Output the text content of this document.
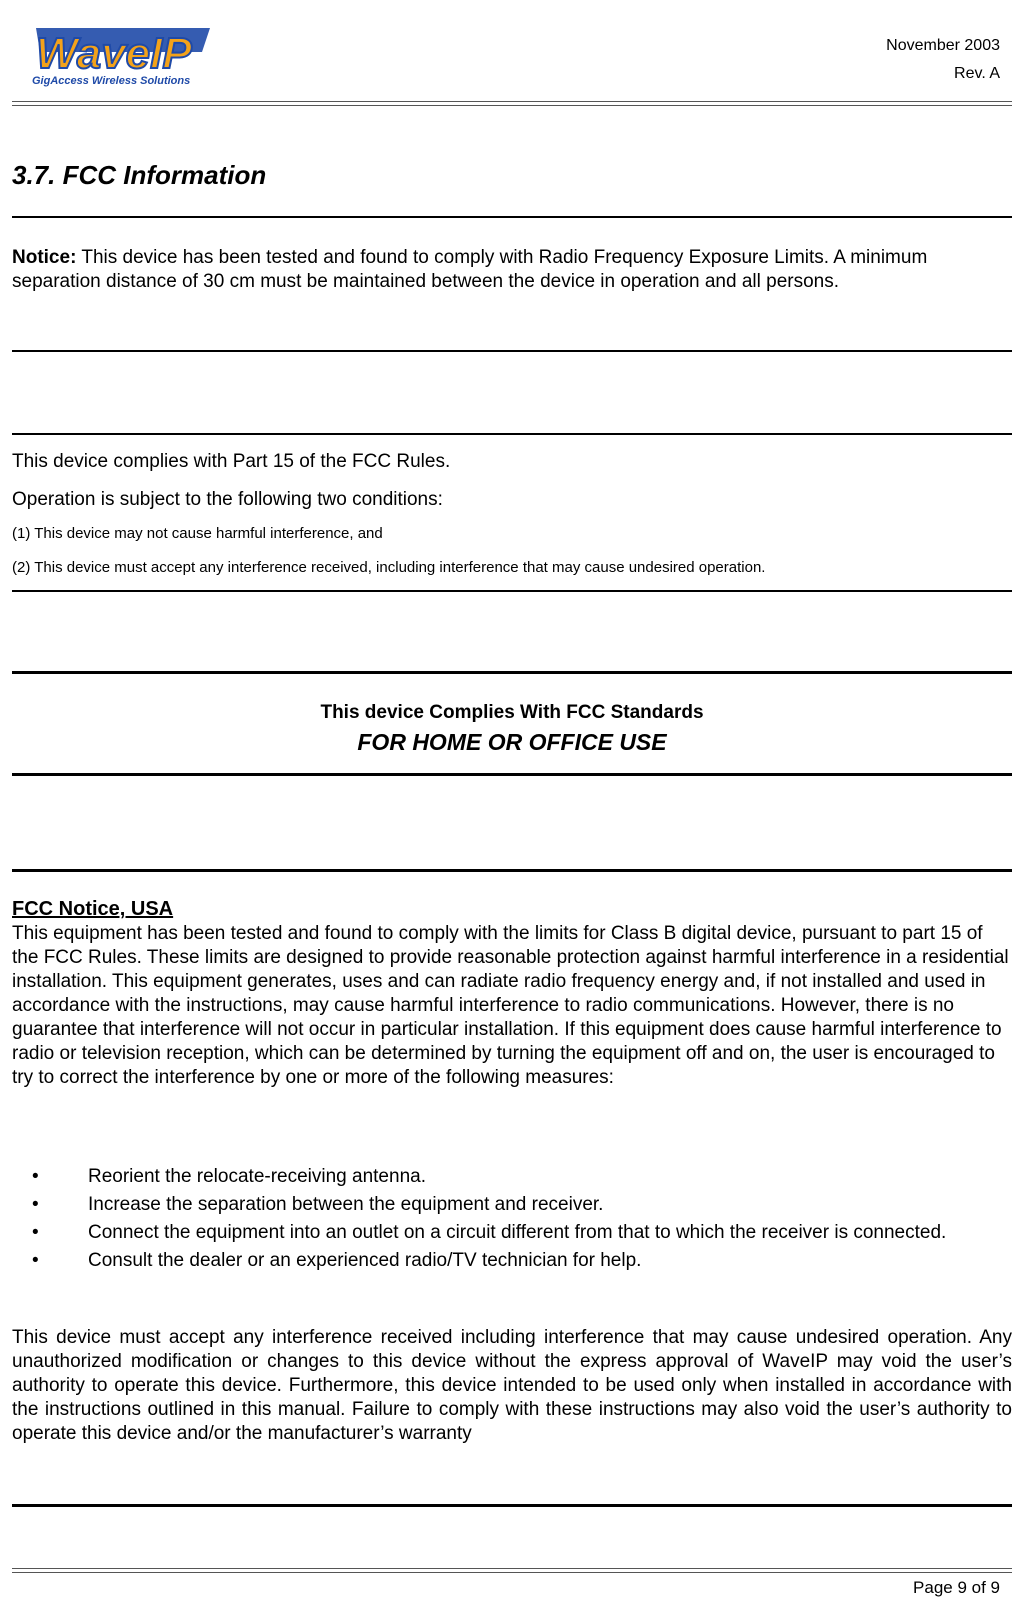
WaveIP
GigAccess Wireless Solutions
November 2003
Rev. A
3.7. FCC Information
Notice: This device has been tested and found to comply with Radio Frequency Exposure Limits. A minimum separation distance of 30 cm must be maintained between the device in operation and all persons.
This device complies with Part 15 of the FCC Rules.
Operation is subject to the following two conditions:
(1) This device may not cause harmful interference, and
(2) This device must accept any interference received, including interference that may cause undesired operation.
This device Complies With FCC Standards
FOR HOME OR OFFICE USE
FCC Notice, USA
This equipment has been tested and found to comply with the limits for Class B digital device, pursuant to part 15 of the FCC Rules. These limits are designed to provide reasonable protection against harmful interference in a residential installation. This equipment generates, uses and can radiate radio frequency energy and, if not installed and used in accordance with the instructions, may cause harmful interference to radio communications. However, there is no guarantee that interference will not occur in particular installation. If this equipment does cause harmful interference to radio or television reception, which can be determined by turning the equipment off and on, the user is encouraged to try to correct the interference by one or more of the following measures:
•	Reorient the relocate-receiving antenna.
•	Increase the separation between the equipment and receiver.
•	Connect the equipment into an outlet on a circuit different from that to which the receiver is connected.
•	Consult the dealer or an experienced radio/TV technician for help.
This device must accept any interference received including interference that may cause undesired operation. Any unauthorized modification or changes to this device without the express approval of WaveIP may void the user’s authority to operate this device. Furthermore, this device intended to be used only when installed in accordance with the instructions outlined in this manual. Failure to comply with these instructions may also void the user’s authority to operate this device and/or the manufacturer’s warranty
Page 9 of 9
